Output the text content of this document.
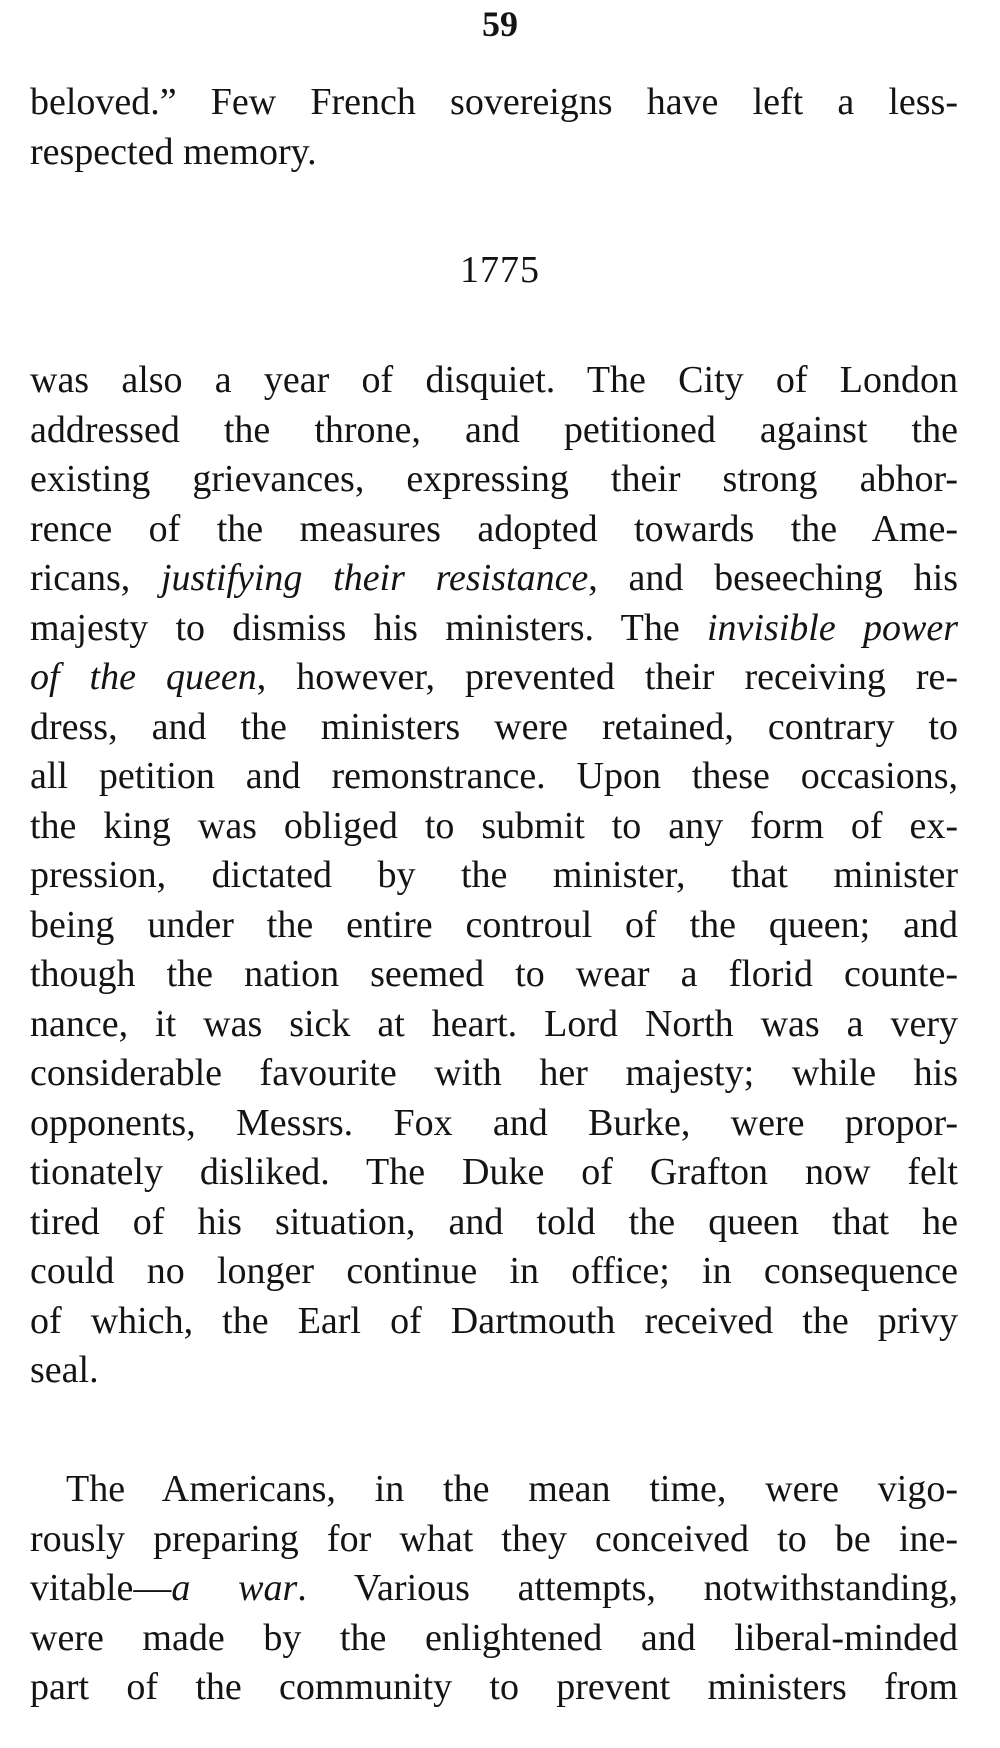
59
beloved.” Few French sovereigns have left a less-
respected memory.
1775
was also a year of disquiet. The City of London
addressed the throne, and petitioned against the
existing grievances, expressing their strong abhor-
rence of the measures adopted towards the Ame-
ricans, justifying their resistance, and beseeching his
majesty to dismiss his ministers. The invisible power
of the queen, however, prevented their receiving re-
dress, and the ministers were retained, contrary to
all petition and remonstrance. Upon these occasions,
the king was obliged to submit to any form of ex-
pression, dictated by the minister, that minister
being under the entire controul of the queen; and
though the nation seemed to wear a florid counte-
nance, it was sick at heart. Lord North was a very
considerable favourite with her majesty; while his
opponents, Messrs. Fox and Burke, were propor-
tionately disliked. The Duke of Grafton now felt
tired of his situation, and told the queen that he
could no longer continue in office; in consequence
of which, the Earl of Dartmouth received the privy
seal.
The Americans, in the mean time, were vigo-
rously preparing for what they conceived to be ine-
vitable—a war. Various attempts, notwithstanding,
were made by the enlightened and liberal-minded
part of the community to prevent ministers from
